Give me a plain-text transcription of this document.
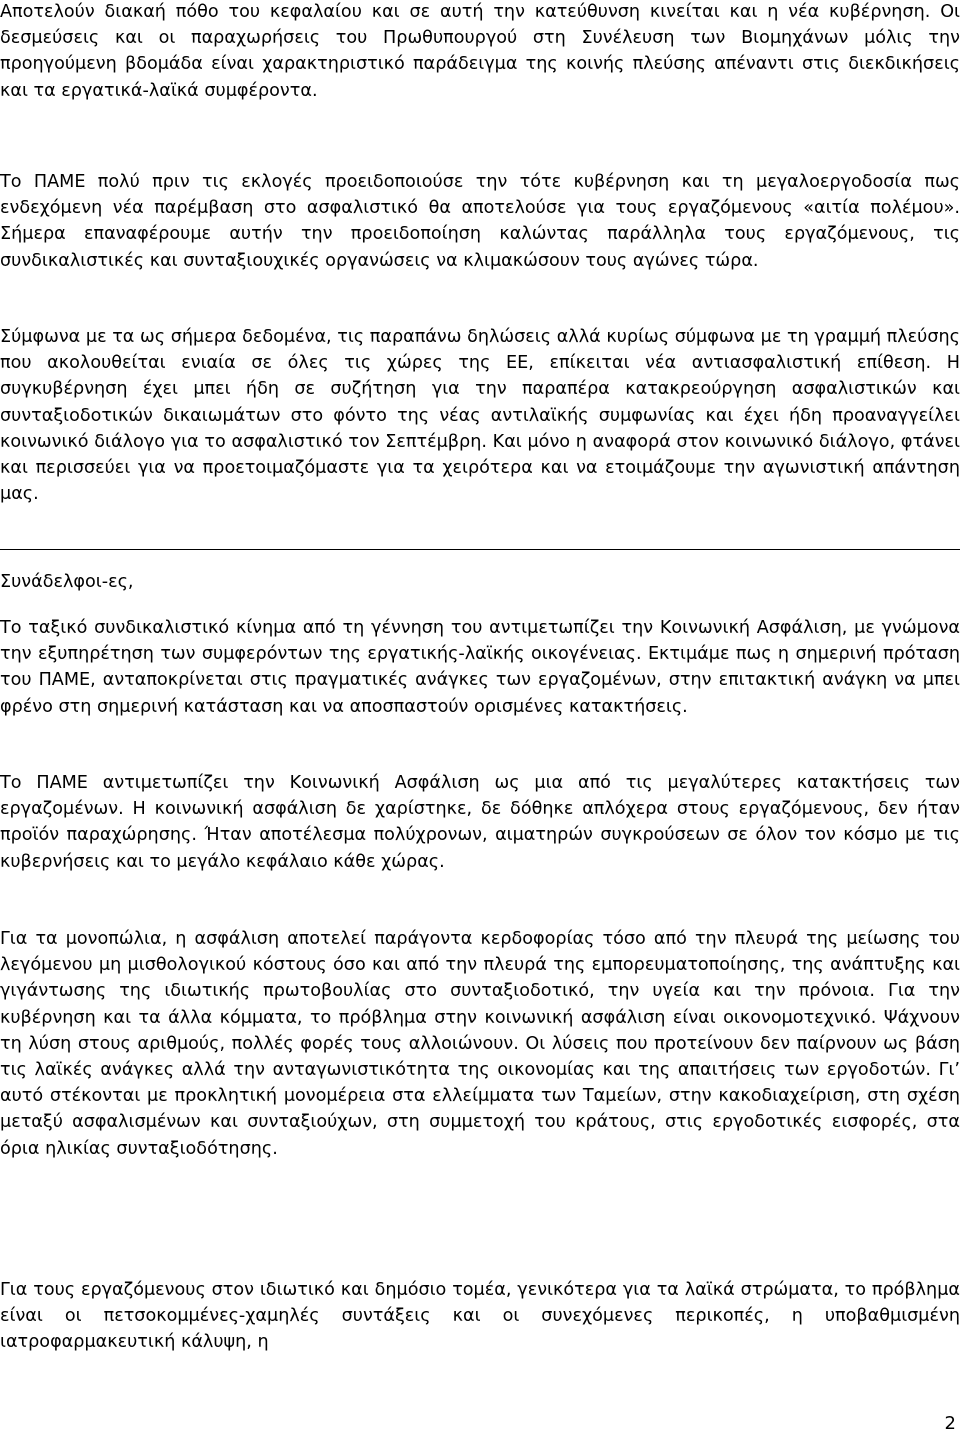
Αποτελούν διακαή πόθο του κεφαλαίου και σε αυτή την κατεύθυνση κινείται και η νέα κυβέρνηση. Οι δεσμεύσεις και οι παραχωρήσεις του Πρωθυπουργού στη Συνέλευση των Βιομηχάνων μόλις την προηγούμενη βδομάδα είναι χαρακτηριστικό παράδειγμα της κοινής πλεύσης απέναντι στις διεκδικήσεις και τα εργατικά-λαϊκά συμφέροντα.

Το ΠΑΜΕ πολύ πριν τις εκλογές προειδοποιούσε την τότε κυβέρνηση και τη μεγαλοεργοδοσία πως ενδεχόμενη νέα παρέμβαση στο ασφαλιστικό θα αποτελούσε για τους εργαζόμενους «αιτία πολέμου». Σήμερα επαναφέρουμε αυτήν την προειδοποίηση καλώντας παράλληλα τους εργαζόμενους, τις συνδικαλιστικές και συνταξιουχικές οργανώσεις να κλιμακώσουν τους αγώνες τώρα.

Σύμφωνα με τα ως σήμερα δεδομένα, τις παραπάνω δηλώσεις αλλά κυρίως σύμφωνα με τη γραμμή πλεύσης που ακολουθείται ενιαία σε όλες τις χώρες της ΕΕ, επίκειται νέα αντιασφαλιστική επίθεση. Η συγκυβέρνηση έχει μπει ήδη σε συζήτηση για την παραπέρα κατακρεούργηση ασφαλιστικών και συνταξιοδοτικών δικαιωμάτων στο φόντο της νέας αντιλαϊκής συμφωνίας και έχει ήδη προαναγγείλει κοινωνικό διάλογο για το ασφαλιστικό τον Σεπτέμβρη. Και μόνο η αναφορά στον κοινωνικό διάλογο, φτάνει και περισσεύει για να προετοιμαζόμαστε για τα χειρότερα και να ετοιμάζουμε την αγωνιστική απάντηση μας.

Συνάδελφοι-ες,

Το ταξικό συνδικαλιστικό κίνημα από τη γέννηση του αντιμετωπίζει την Κοινωνική Ασφάλιση, με γνώμονα την εξυπηρέτηση των συμφερόντων της εργατικής-λαϊκής οικογένειας. Εκτιμάμε πως η σημερινή πρόταση του ΠΑΜΕ, ανταποκρίνεται στις πραγματικές ανάγκες των εργαζομένων, στην επιτακτική ανάγκη να μπει φρένο στη σημερινή κατάσταση και να αποσπαστούν ορισμένες κατακτήσεις.

Το ΠΑΜΕ αντιμετωπίζει την Κοινωνική Ασφάλιση ως μια από τις μεγαλύτερες κατακτήσεις των εργαζομένων. Η κοινωνική ασφάλιση δε χαρίστηκε, δε δόθηκε απλόχερα στους εργαζόμενους, δεν ήταν προϊόν παραχώρησης. Ήταν αποτέλεσμα πολύχρονων, αιματηρών συγκρούσεων σε όλον τον κόσμο με τις κυβερνήσεις και το μεγάλο κεφάλαιο κάθε χώρας.

Για τα μονοπώλια, η ασφάλιση αποτελεί παράγοντα κερδοφορίας τόσο από την πλευρά της μείωσης του λεγόμενου μη μισθολογικού κόστους όσο και από την πλευρά της εμπορευματοποίησης, της ανάπτυξης και γιγάντωσης της ιδιωτικής πρωτοβουλίας στο συνταξιοδοτικό, την υγεία και την πρόνοια. Για την κυβέρνηση και τα άλλα κόμματα, το πρόβλημα στην κοινωνική ασφάλιση είναι οικονομοτεχνικό. Ψάχνουν τη λύση στους αριθμούς, πολλές φορές τους αλλοιώνουν. Οι λύσεις που προτείνουν δεν παίρνουν ως βάση τις λαϊκές ανάγκες αλλά την ανταγωνιστικότητα της οικονομίας και της απαιτήσεις των εργοδοτών. Γι’ αυτό στέκονται με προκλητική μονομέρεια στα ελλείμματα των Ταμείων, στην κακοδιαχείριση, στη σχέση μεταξύ ασφαλισμένων και συνταξιούχων, στη συμμετοχή του κράτους, στις εργοδοτικές εισφορές, στα όρια ηλικίας συνταξιοδότησης.

Για τους εργαζόμενους στον ιδιωτικό και δημόσιο τομέα, γενικότερα για τα λαϊκά στρώματα, το πρόβλημα είναι οι πετσοκομμένες-χαμηλές συντάξεις και οι συνεχόμενες περικοπές, η υποβαθμισμένη ιατροφαρμακευτική κάλυψη, η

2
